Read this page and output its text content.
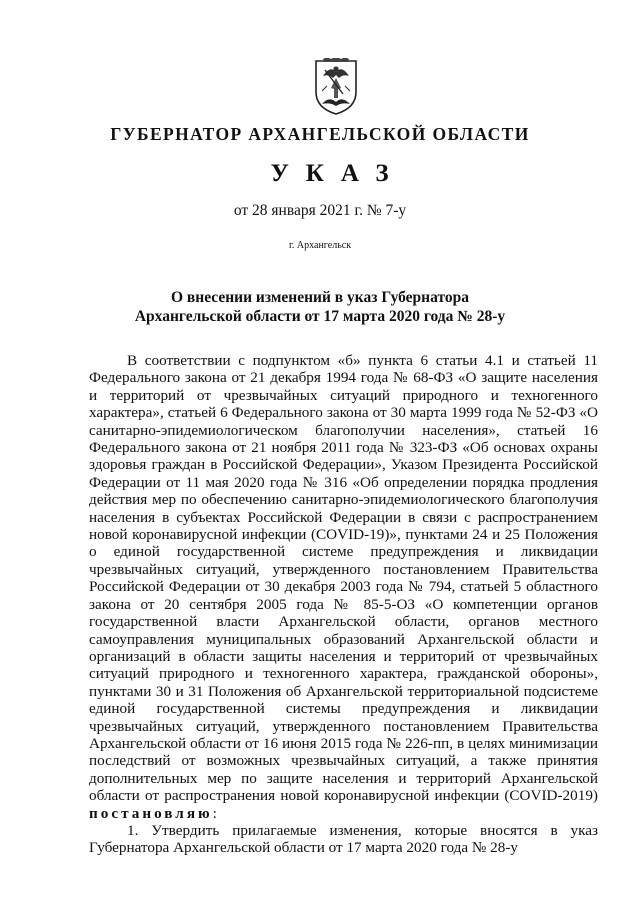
ГУБЕРНАТОР АРХАНГЕЛЬСКОЙ ОБЛАСТИ
УКАЗ
от 28 января 2021 г. № 7-у
г. Архангельск
О внесении изменений в указ Губернатора
Архангельской области от 17 марта 2020 года № 28-у

В соответствии с подпунктом «б» пункта 6 статьи 4.1 и статьей 11 Федерального закона от 21 декабря 1994 года № 68-ФЗ «О защите населения и территорий от чрезвычайных ситуаций природного и техногенного характера», статьей 6 Федерального закона от 30 марта 1999 года № 52-ФЗ «О санитарно-эпидемиологическом благополучии населения», статьей 16 Федерального закона от 21 ноября 2011 года № 323-ФЗ «Об основах охраны здоровья граждан в Российской Федерации», Указом Президента Российской Федерации от 11 мая 2020 года № 316 «Об определении порядка продления действия мер по обеспечению санитарно-эпидемиологического благополучия населения в субъектах Российской Федерации в связи с распространением новой коронавирусной инфекции (COVID-19)», пунктами 24 и 25 Положения о единой государственной системе предупреждения и ликвидации чрезвычайных ситуаций, утвержденного постановлением Правительства Российской Федерации от 30 декабря 2003 года № 794, статьей 5 областного закона от 20 сентября 2005 года № 85-5-ОЗ «О компетенции органов государственной власти Архангельской области, органов местного самоуправления муниципальных образований Архангельской области и организаций в области защиты населения и территорий от чрезвычайных ситуаций природного и техногенного характера, гражданской обороны», пунктами 30 и 31 Положения об Архангельской территориальной подсистеме единой государственной системы предупреждения и ликвидации чрезвычайных ситуаций, утвержденного постановлением Правительства Архангельской области от 16 июня 2015 года № 226-пп, в целях минимизации последствий от возможных чрезвычайных ситуаций, а также принятия дополнительных мер по защите населения и территорий Архангельской области от распространения новой коронавирусной инфекции (COVID-2019) постановляю:

1. Утвердить прилагаемые изменения, которые вносятся в указ Губернатора Архангельской области от 17 марта 2020 года № 28-у
